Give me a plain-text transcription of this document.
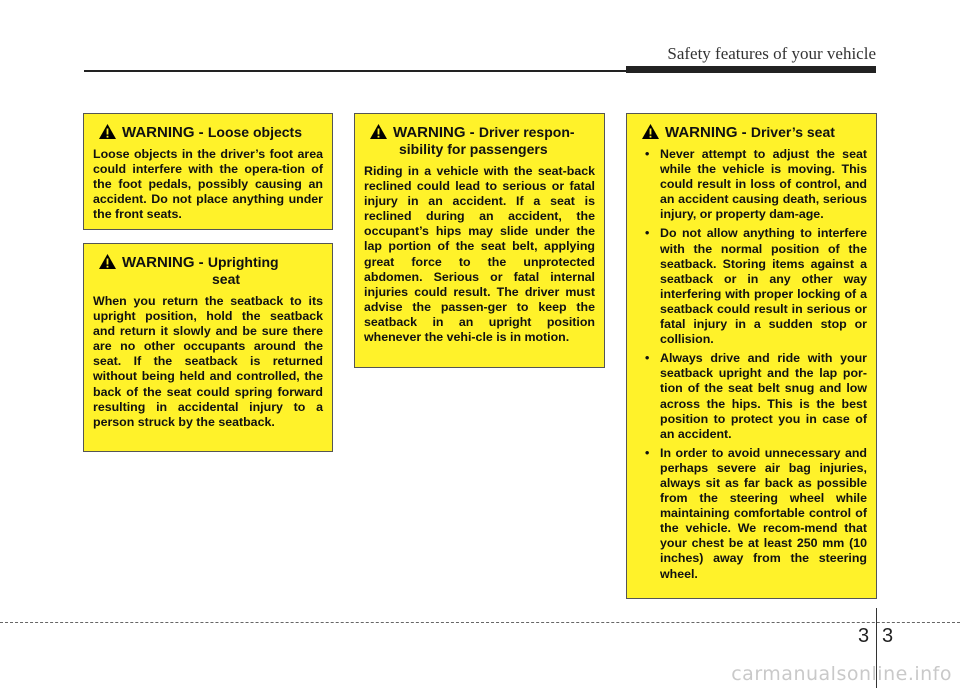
Safety features of your vehicle
WARNING - Loose objects
Loose objects in the driver’s foot area could interfere with the opera-tion of the foot pedals, possibly causing an accident. Do not place anything under the front seats.
WARNING - Uprighting
seat
When you return the seatback to its upright position, hold the seatback and return it slowly and be sure there are no other occupants around the seat. If the seatback is returned without being held and controlled, the back of the seat could spring forward resulting in accidental injury to a person struck by the seatback.
WARNING - Driver respon-
sibility for passengers
Riding in a vehicle with the seat-back reclined could lead to serious or fatal injury in an accident. If a seat is reclined during an accident, the occupant’s hips may slide under the lap portion of the seat belt, applying great force to the unprotected abdomen. Serious or fatal internal injuries could result. The driver must advise the passen-ger to keep the seatback in an upright position whenever the vehi-cle is in motion.
WARNING - Driver’s seat
• Never attempt to adjust the seat while the vehicle is moving. This could result in loss of control, and an accident causing death, serious injury, or property dam-age.
• Do not allow anything to interfere with the normal position of the seatback. Storing items against a seatback or in any other way interfering with proper locking of a seatback could result in serious or fatal injury in a sudden stop or collision.
• Always drive and ride with your seatback upright and the lap por-tion of the seat belt snug and low across the hips. This is the best position to protect you in case of an accident.
• In order to avoid unnecessary and perhaps severe air bag injuries, always sit as far back as possible from the steering wheel while maintaining comfortable control of the vehicle. We recom-mend that your chest be at least 250 mm (10 inches) away from the steering wheel.
3 3
carmanualsonline.info
